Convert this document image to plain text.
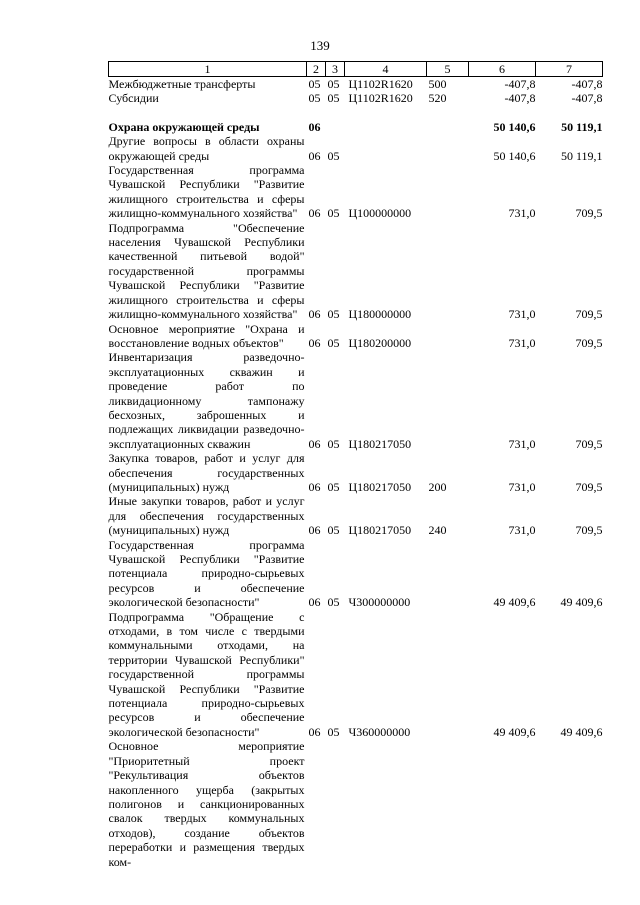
139
1	2	3	4	5	6	7
Межбюджетные трансферты	05	05	Ц1102R1620	500	-407,8	-407,8
Субсидии	05	05	Ц1102R1620	520	-407,8	-407,8

Охрана окружающей среды	06				50 140,6	50 119,1
Другие вопросы в области охраны окружающей среды	06	05			50 140,6	50 119,1
Государственная программа Чувашской Республики "Развитие жилищного строительства и сферы жилищно-коммунального хозяйства"	06	05	Ц100000000		731,0	709,5
Подпрограмма "Обеспечение населения Чувашской Республики качественной питьевой водой" государственной программы Чувашской Республики "Развитие жилищного строительства и сферы жилищно-коммунального хозяйства"	06	05	Ц180000000		731,0	709,5
Основное мероприятие "Охрана и восстановление водных объектов"	06	05	Ц180200000		731,0	709,5
Инвентаризация разведочно-эксплуатационных скважин и проведение работ по ликвидационному тампонажу бесхозных, заброшенных и подлежащих ликвидации разведочно-эксплуатационных скважин	06	05	Ц180217050		731,0	709,5
Закупка товаров, работ и услуг для обеспечения государственных (муниципальных) нужд	06	05	Ц180217050	200	731,0	709,5
Иные закупки товаров, работ и услуг для обеспечения государственных (муниципальных) нужд	06	05	Ц180217050	240	731,0	709,5
Государственная программа Чувашской Республики "Развитие потенциала природно-сырьевых ресурсов и обеспечение экологической безопасности"	06	05	Ч300000000		49 409,6	49 409,6
Подпрограмма "Обращение с отходами, в том числе с твердыми коммунальными отходами, на территории Чувашской Республики" государственной программы Чувашской Республики "Развитие потенциала природно-сырьевых ресурсов и обеспечение экологической безопасности"	06	05	Ч360000000		49 409,6	49 409,6
Основное мероприятие "Приоритетный проект "Рекультивация объектов накопленного ущерба (закрытых полигонов и санкционированных свалок твердых коммунальных отходов), создание объектов переработки и размещения твердых ком-						
